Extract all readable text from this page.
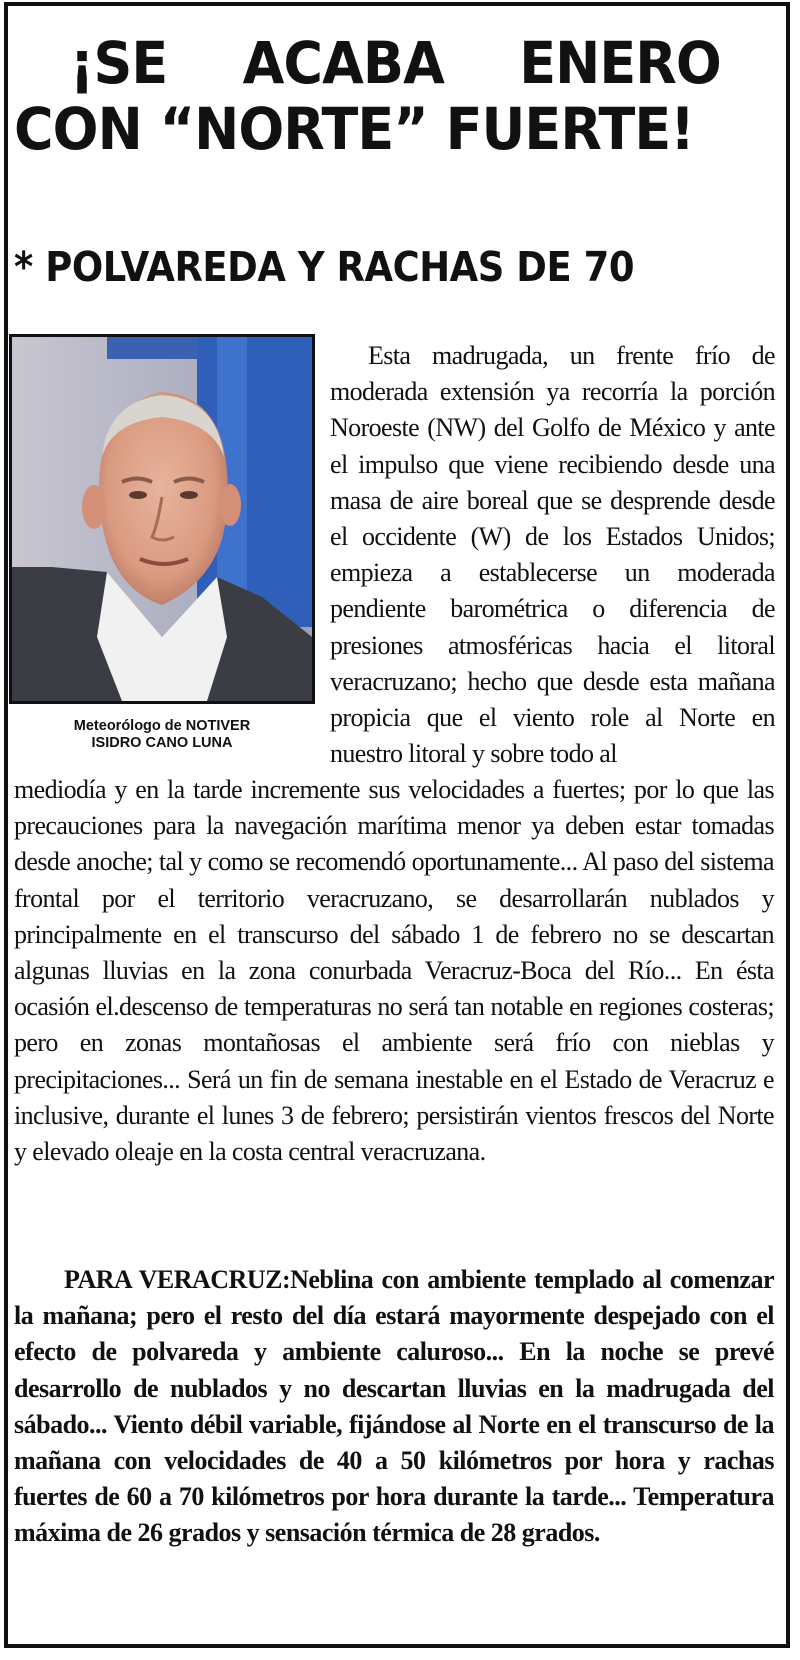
¡SE ACABA ENERO
CON “NORTE” FUERTE!
* POLVAREDA Y RACHAS DE 70
Meteorólogo de NOTIVER
ISIDRO CANO LUNA
Esta madrugada, un frente frío de moderada extensión ya recorría la porción Noroeste (NW) del Golfo de México y ante el impulso que viene recibiendo desde una masa de aire boreal que se desprende desde el occidente (W) de los Estados Unidos; empieza a establecerse un moderada pendiente barométrica o diferencia de presiones atmosféricas hacia el litoral veracruzano; hecho que desde esta mañana propicia que el viento role al Norte en nuestro litoral y sobre todo al
mediodía y en la tarde incremente sus velocidades a fuertes; por lo que las precauciones para la navegación marítima menor ya deben estar tomadas desde anoche; tal y como se recomendó oportunamente... Al paso del sistema frontal por el territorio veracruzano, se desarrollarán nublados y principalmente en el transcurso del sábado 1 de febrero no se descartan algunas lluvias en la zona conurbada Veracruz-Boca del Río... En ésta ocasión el.descenso de temperaturas no será tan notable en regiones costeras; pero en zonas montañosas el ambiente será frío con nieblas y precipitaciones... Será un fin de semana inestable en el Estado de Veracruz e inclusive, durante el lunes 3 de febrero; persistirán vientos frescos del Norte y elevado oleaje en la costa central veracruzana.
PARA VERACRUZ:Neblina con ambiente templado al comenzar la mañana; pero el resto del día estará mayormente despejado con el efecto de polvareda y ambiente caluroso... En la noche se prevé desarrollo de nublados y no descartan lluvias en la madrugada del sábado... Viento débil variable, fijándose al Norte en el transcurso de la mañana con velocidades de 40 a 50 kilómetros por hora y rachas fuertes de 60 a 70 kilómetros por hora durante la tarde... Temperatura máxima de 26 grados y sensación térmica de 28 grados.
